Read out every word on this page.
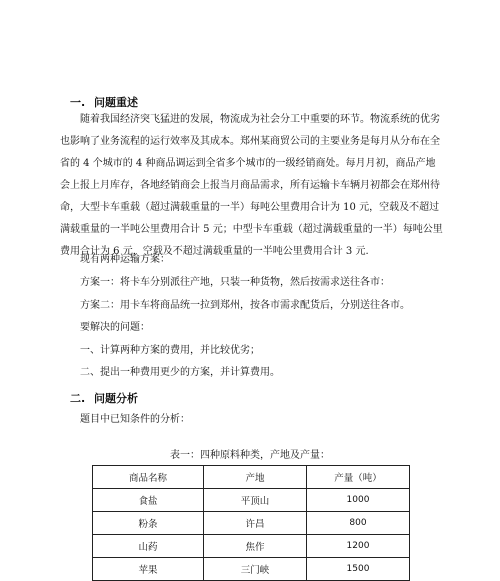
一. 问题重述

随着我国经济突飞猛进的发展，物流成为社会分工中重要的环节。物流系统的优劣也影响了业务流程的运行效率及其成本。郑州某商贸公司的主要业务是每月从分布在全省的 4 个城市的 4 种商品调运到全省多个城市的一级经销商处。每月月初，商品产地会上报上月库存，各地经销商会上报当月商品需求，所有运输卡车辆月初都会在郑州待命，大型卡车重载（超过满载重量的一半）每吨公里费用合计为 10 元，空载及不超过满载重量的一半吨公里费用合计 5 元；中型卡车重载（超过满载重量的一半）每吨公里费用合计为 6 元，空载及不超过满载重量的一半吨公里费用合计 3 元.

现有两种运输方案：
方案一：将卡车分别派往产地，只装一种货物，然后按需求送往各市：
方案二：用卡车将商品统一拉到郑州，按各市需求配货后，分别送往各市。
要解决的问题：
一、计算两种方案的费用，并比较优劣；
二、提出一种费用更少的方案，并计算费用。
二. 问题分析
题目中已知条件的分析：
表一：四种原料种类，产地及产量：
商品名称	产地	产量（吨）
食盐	平顶山	1000
粉条	许昌	800
山药	焦作	1200
苹果	三门峡	1500
